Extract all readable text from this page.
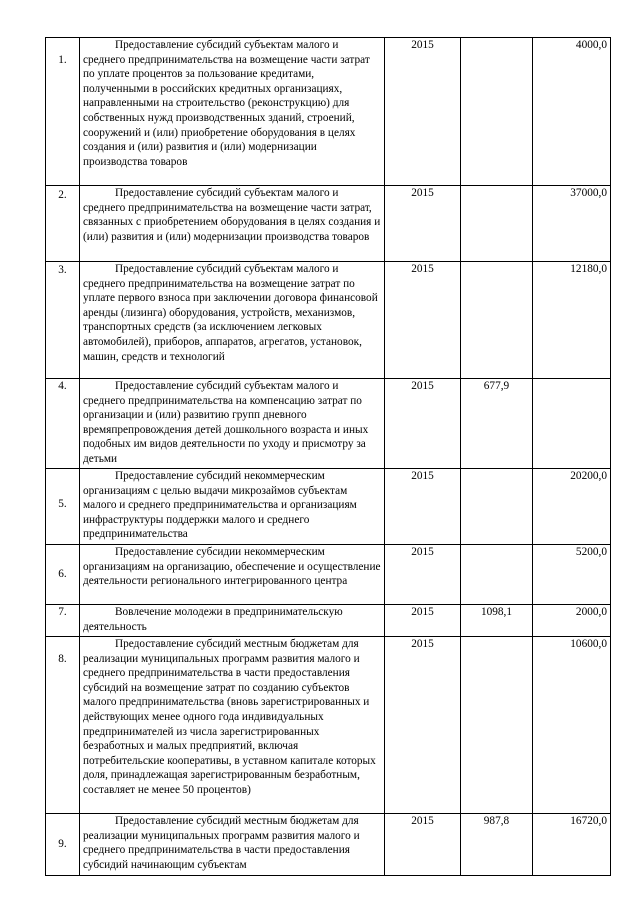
1.	Предоставление субсидий субъектам малого и среднего предпринимательства на возмещение части затрат по уплате процентов за пользование кредитами, полученными в российских кредитных организациях, направленными на строительство (реконструкцию) для собственных нужд производственных зданий, строений, сооружений и (или) приобретение оборудования в целях создания и (или) развития и (или) модернизации производства товаров	2015		4000,0
2.	Предоставление субсидий субъектам малого и среднего предпринимательства на возмещение части затрат, связанных с приобретением оборудования в целях создания и (или) развития и (или) модернизации производства товаров	2015		37000,0
3.	Предоставление субсидий субъектам малого и среднего предпринимательства на возмещение затрат по уплате первого взноса при заключении договора финансовой аренды (лизинга) оборудования, устройств, механизмов, транспортных средств (за исключением легковых автомобилей), приборов, аппаратов, агрегатов, установок, машин, средств и технологий	2015		12180,0
4.	Предоставление субсидий субъектам малого и среднего предпринимательства на компенсацию затрат по организации и (или) развитию групп дневного времяпрепровождения детей дошкольного возраста и иных подобных им видов деятельности по уходу и присмотру за детьми	2015	677,9	
5.	Предоставление субсидий некоммерческим организациям с целью выдачи микрозаймов субъектам малого и среднего предпринимательства и организациям инфраструктуры поддержки малого и среднего предпринимательства	2015		20200,0
6.	Предоставление субсидии некоммерческим организациям на организацию, обеспечение и осуществление деятельности регионального интегрированного центра	2015		5200,0
7.	Вовлечение молодежи в предпринимательскую деятельность	2015	1098,1	2000,0
8.	Предоставление субсидий местным бюджетам для реализации муниципальных программ развития малого и среднего предпринимательства в части предоставления субсидий на возмещение затрат по созданию субъектов малого предпринимательства (вновь зарегистрированных и действующих менее одного года индивидуальных предпринимателей из числа зарегистрированных безработных и малых предприятий, включая потребительские кооперативы, в уставном капитале которых доля, принадлежащая зарегистрированным безработным, составляет не менее 50 процентов)	2015		10600,0
9.	Предоставление субсидий местным бюджетам для реализации муниципальных программ развития малого и среднего предпринимательства в части предоставления субсидий начинающим субъектам	2015	987,8	16720,0
